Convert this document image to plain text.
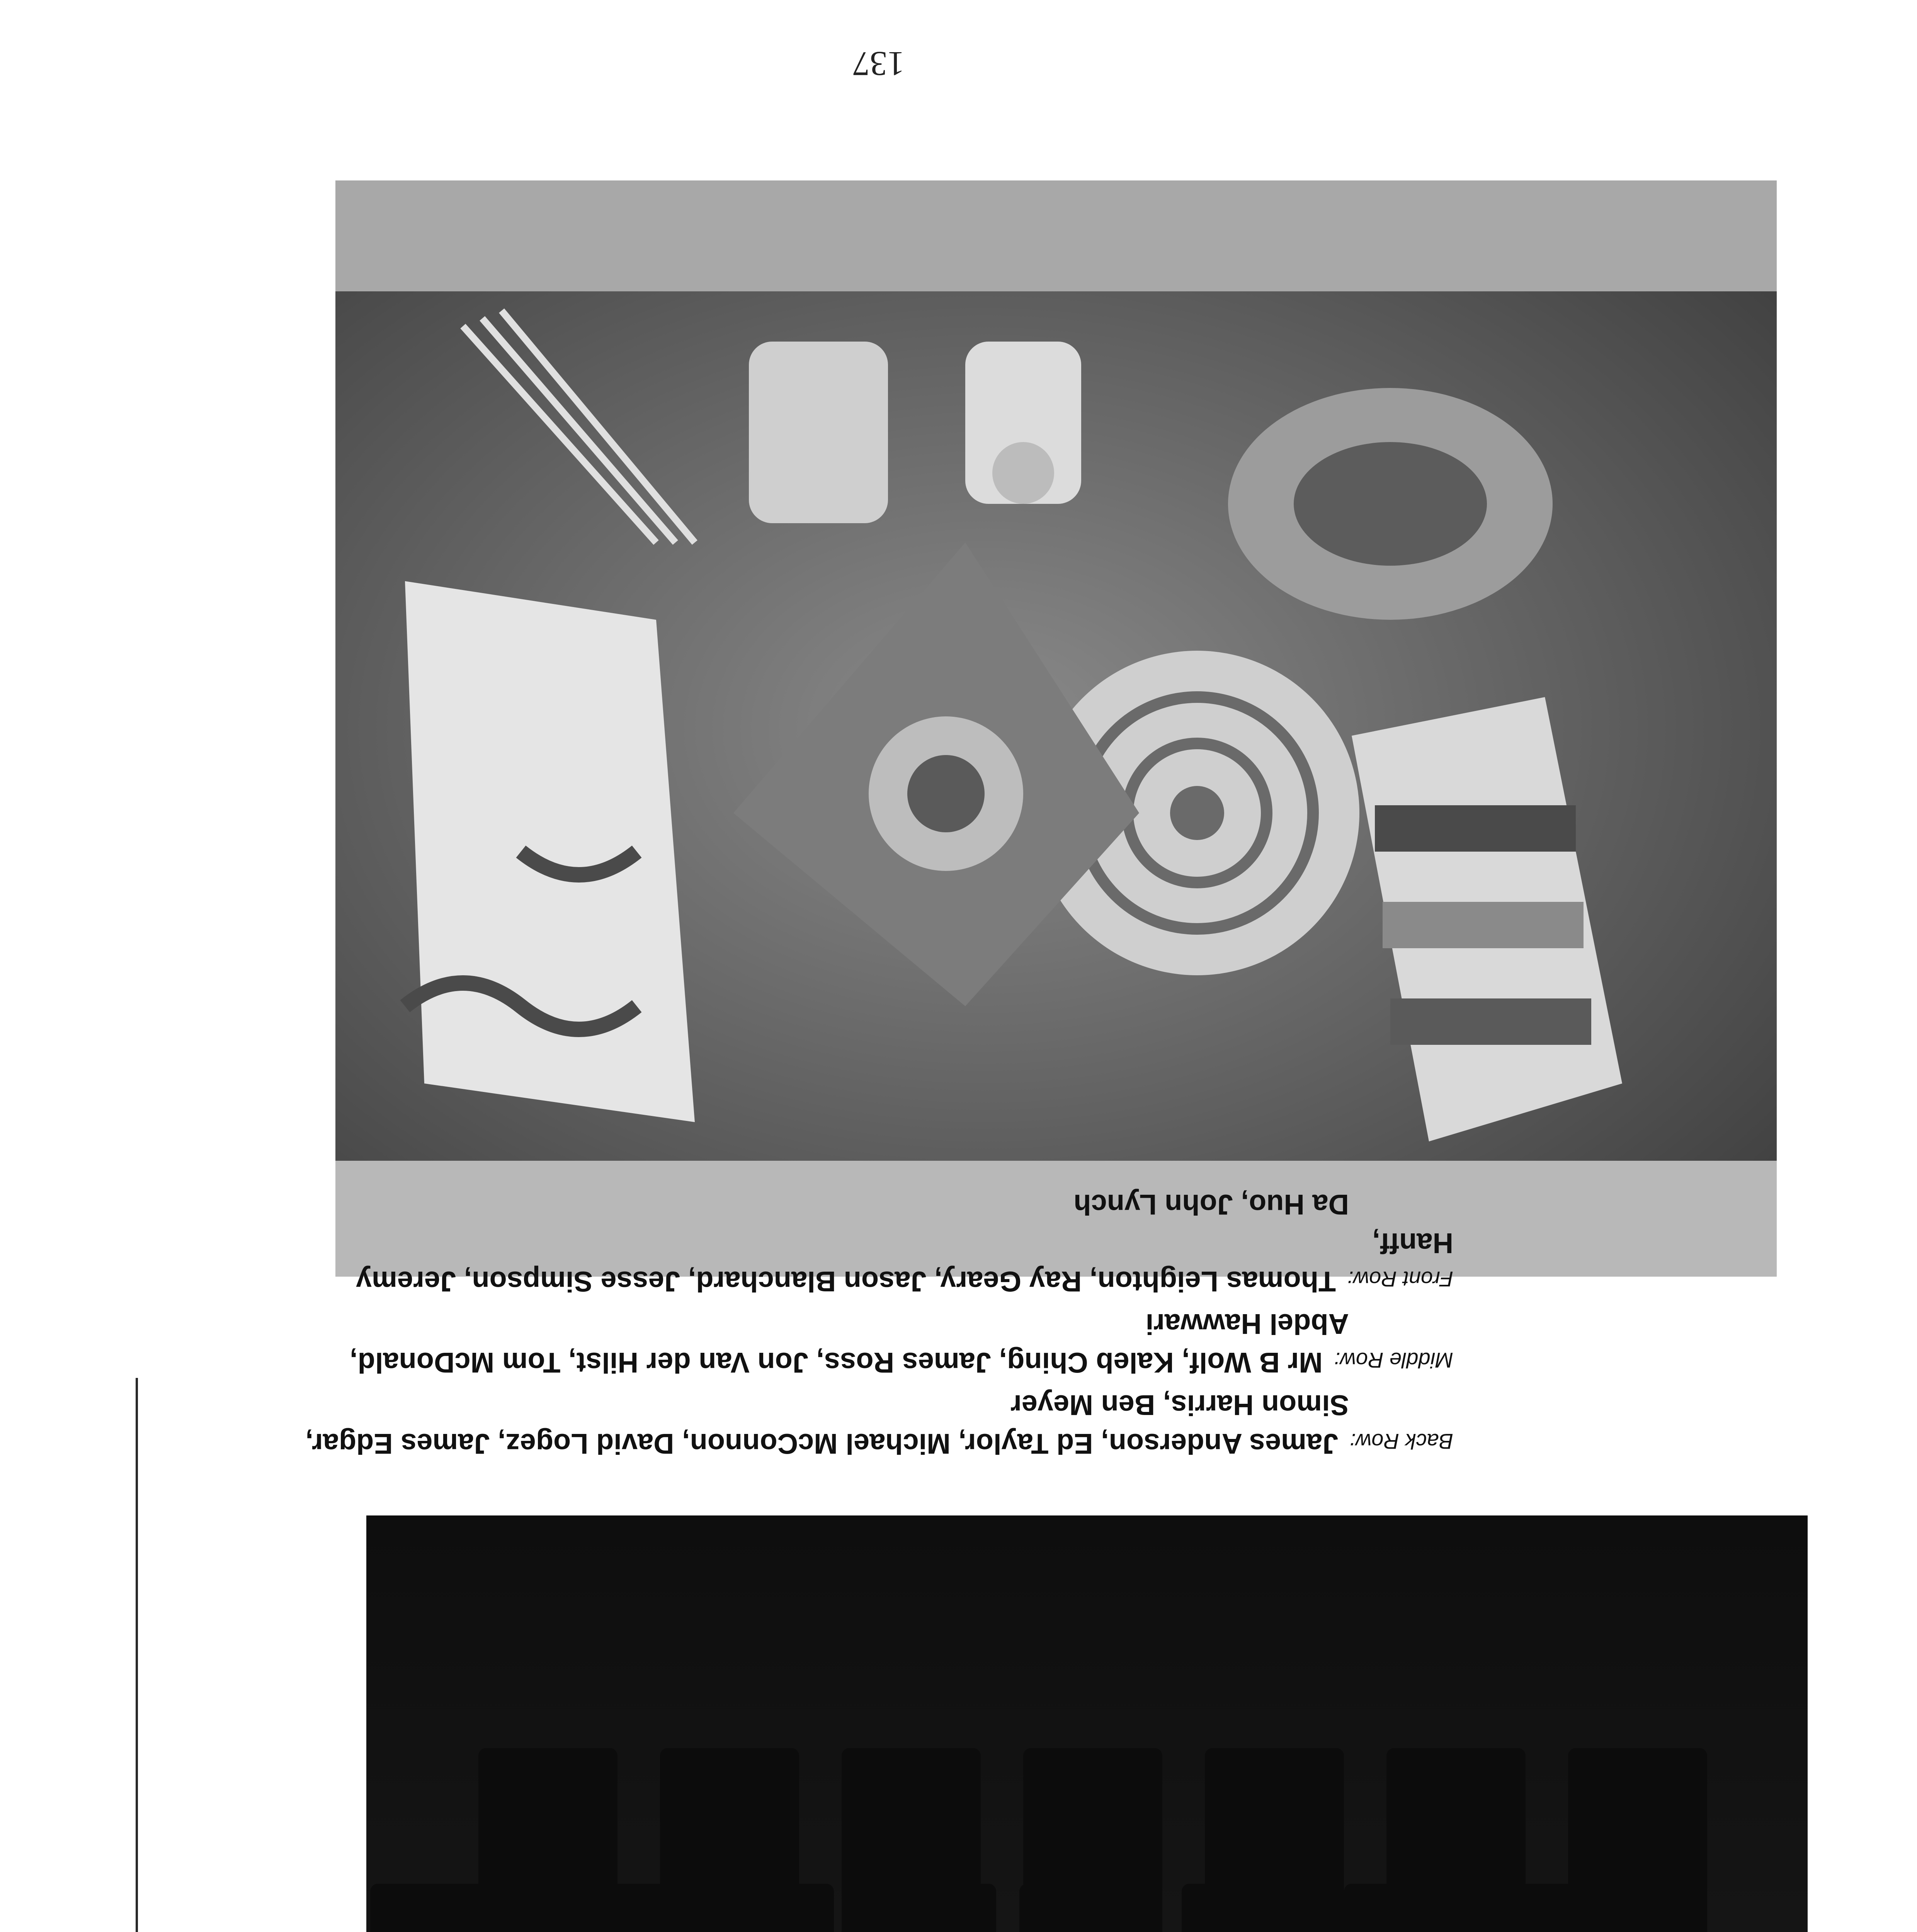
137

Back Row:James Anderson, Ed Taylor, Michael McConnon, David Logez, James Edgar,
Simon Harris, Ben Meyer

Middle Row:Mr B Wolf, Kaleb Ching, James Ross, Jon Van der Hilst, Tom McDonald,
Abdel Hawwari

Front Row:Thomas Leighton, Ray Geary, Jason Blanchard, Jesse Simpson, Jeremy Hanff,
Da Huo, John Lynch
